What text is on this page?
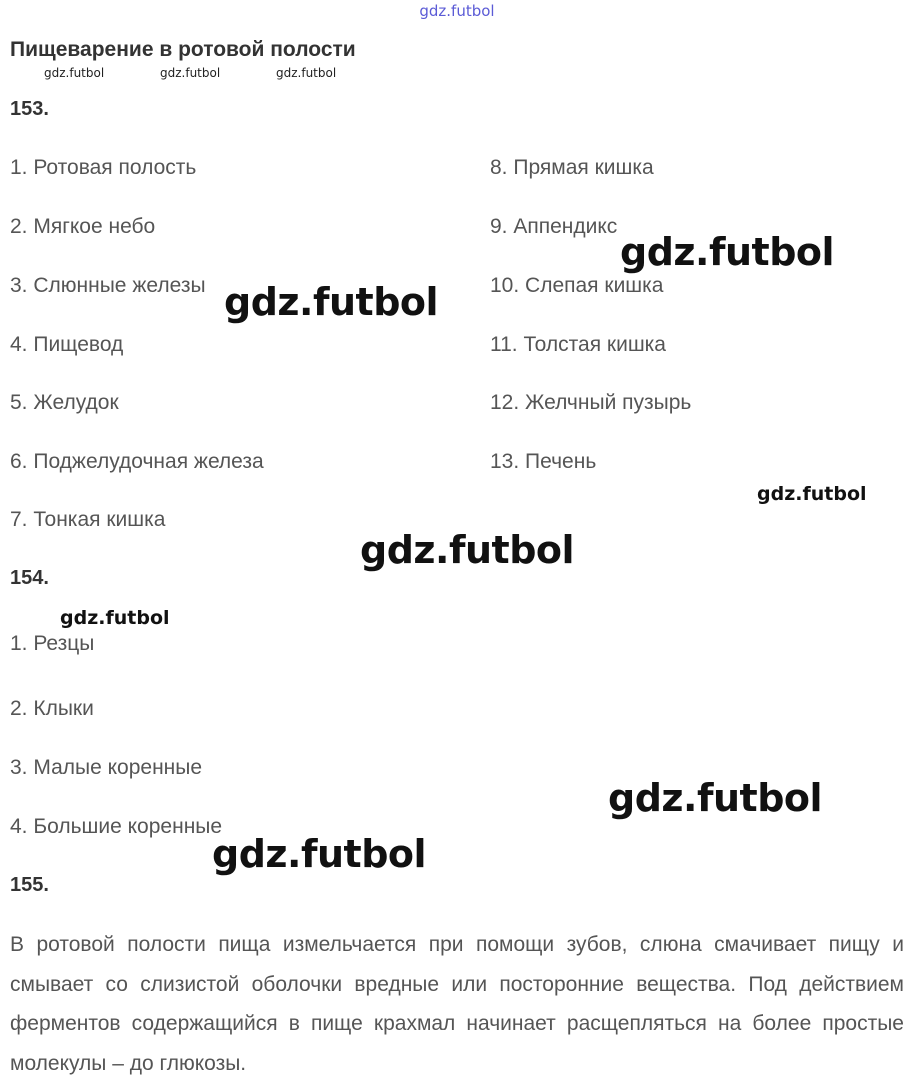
gdz.futbol
Пищеварение в ротовой полости
gdz.futbol	gdz.futbol	gdz.futbol
153.
1. Ротовая полость
2. Мягкое небо
3. Слюнные железы
4. Пищевод
5. Желудок
6. Поджелудочная железа
7. Тонкая кишка
8. Прямая кишка
9. Аппендикс
10. Слепая кишка
11. Толстая кишка
12. Желчный пузырь
13. Печень
154.
1. Резцы
2. Клыки
3. Малые коренные
4. Большие коренные
155.
В ротовой полости пища измельчается при помощи зубов, слюна смачивает пищу и смывает со слизистой оболочки вредные или посторонние вещества. Под действием ферментов содержащийся в пище крахмал начинает расщепляться на более простые молекулы – до глюкозы.
gdz.futbol
gdz.futbol
gdz.futbol
gdz.futbol
gdz.futbol
gdz.futbol
gdz.futbol
